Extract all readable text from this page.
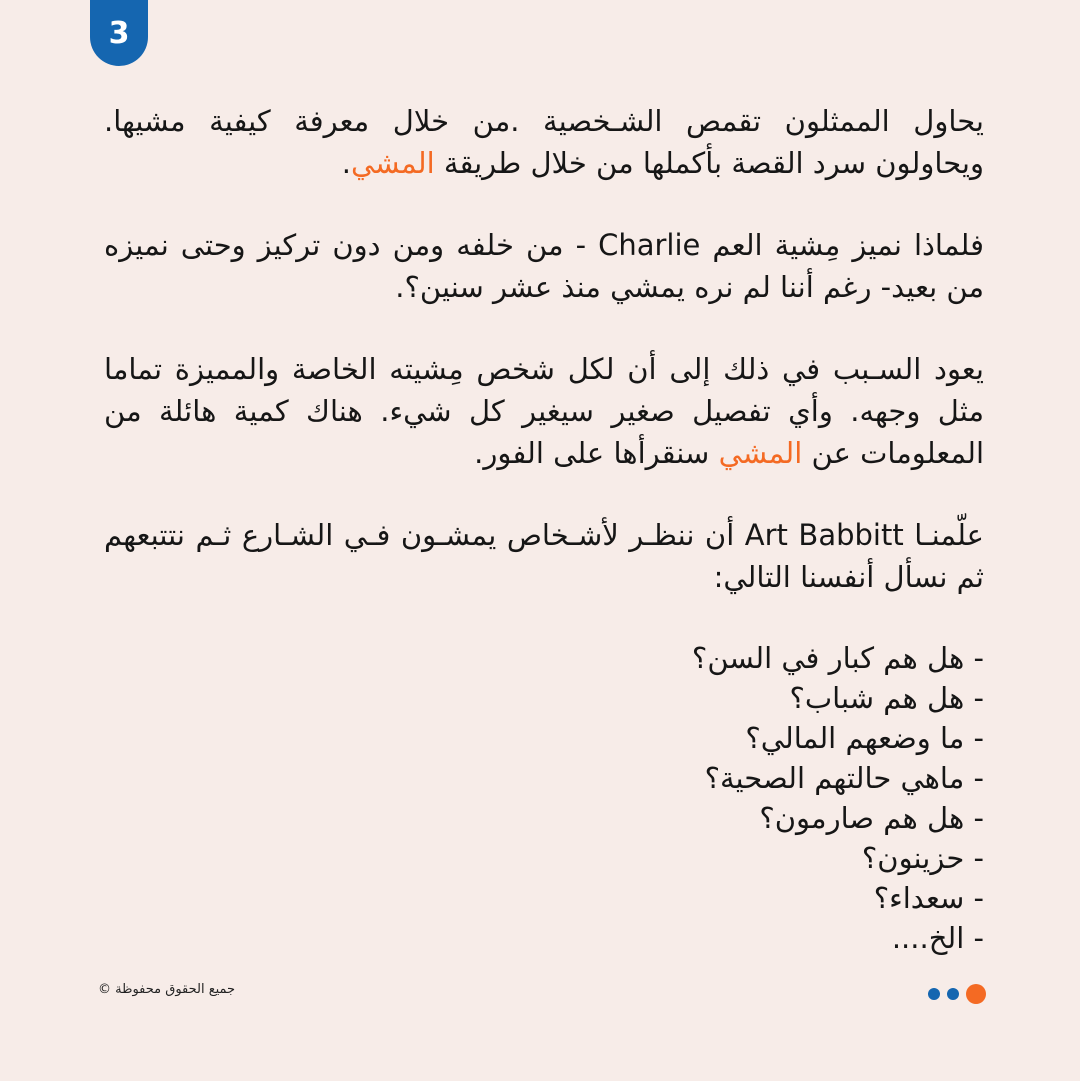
3

يحاول الممثلون تقمص الشـخصية .من خلال معرفة كيفية مشيها. ويحاولون سرد القصة بأكملها من خلال طريقة المشي.

فلماذا نميز مِشية العم Charlie - من خلفه ومن دون تركيز وحتى نميزه من بعيد- رغم أننا لم نره يمشي منذ عشر سنين؟.

يعود السـبب في ذلك إلى أن لكل شخص مِشيته الخاصة والمميزة تماما مثل وجهه. وأي تفصيل صغير سيغير كل شيء. هناك كمية هائلة من المعلومات عن المشي سنقرأها على الفور.

علّمنـا Art Babbitt أن ننظـر لأشـخاص يمشـون فـي الشـارع ثـم نتتبعهم ثم نسأل أنفسنا التالي:

- هل هم كبار في السن؟
- هل هم شباب؟
- ما وضعهم المالي؟
- ماهي حالتهم الصحية؟
- هل هم صارمون؟
- حزينون؟
- سعداء؟
- الخ....
جميع الحقوق محفوظة ©
